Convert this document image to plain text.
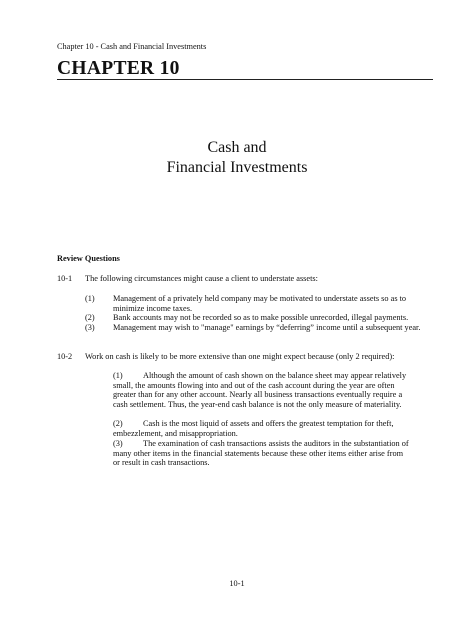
Chapter 10 - Cash and Financial Investments
CHAPTER 10
Cash and
Financial Investments
Review Questions
10-1 The following circumstances might cause a client to understate assets:
(1) Management of a privately held company may be motivated to understate assets so as to minimize income taxes.
(2) Bank accounts may not be recorded so as to make possible unrecorded, illegal payments.
(3) Management may wish to "manage" earnings by “deferring” income until a subsequent year.
10-2 Work on cash is likely to be more extensive than one might expect because (only 2 required):
(1) Although the amount of cash shown on the balance sheet may appear relatively small, the amounts flowing into and out of the cash account during the year are often greater than for any other account. Nearly all business transactions eventually require a cash settlement. Thus, the year-end cash balance is not the only measure of materiality.
(2) Cash is the most liquid of assets and offers the greatest temptation for theft, embezzlement, and misappropriation.
(3) The examination of cash transactions assists the auditors in the substantiation of many other items in the financial statements because these other items either arise from or result in cash transactions.
10-1
